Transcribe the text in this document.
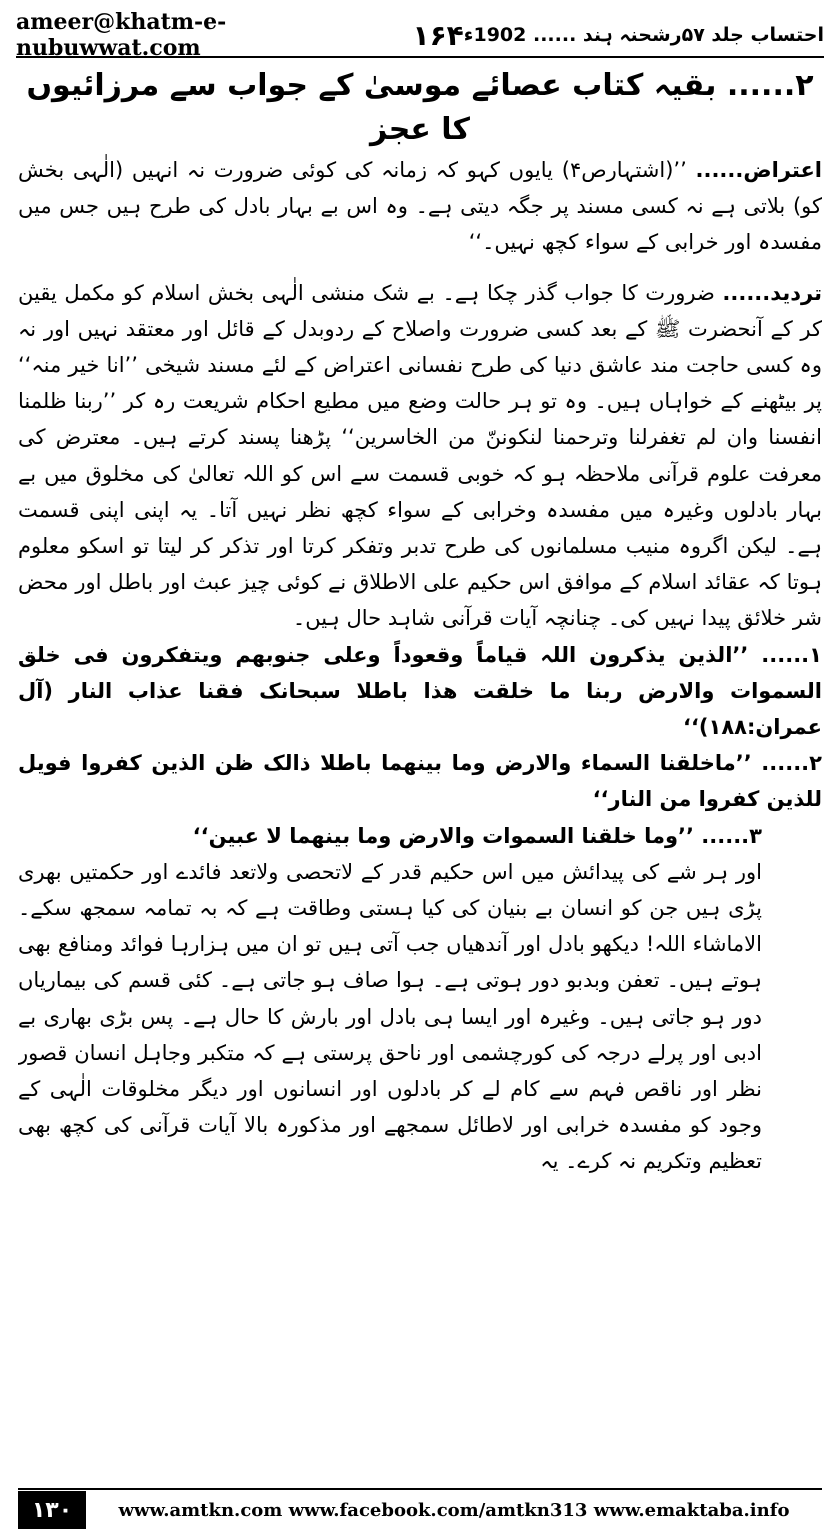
ameer@khatm-e-nubuwwat.com	۱۶۴ احتساب جلد ۵۷رشحنہ ہند ...... 1902ء

۲...... بقیہ کتاب عصائے موسیٰ کے جواب سے مرزائیوں کا عجز

اعتراض...... ’’(اشتہارص۴) یایوں کہو کہ زمانہ کی کوئی ضرورت نہ انہیں (الٰہی بخش کو) بلاتی ہے نہ کسی مسند پر جگہ دیتی ہے۔ وہ اس بے بہار بادل کی طرح ہیں جس میں مفسدہ اور خرابی کے سواء کچھ نہیں۔‘‘

تردید...... ضرورت کا جواب گذر چکا ہے۔ بے شک منشی الٰہی بخش اسلام کو مکمل یقین کر کے آنحضرت ﷺ کے بعد کسی ضرورت واصلاح کے ردوبدل کے قائل اور معتقد نہیں اور نہ وہ کسی حاجت مند عاشق دنیا کی طرح نفسانی اعتراض کے لئے مسند شیخی ’’انا خیر منہ‘‘ پر بیٹھنے کے خواہاں ہیں۔ وہ تو ہر حالت وضع میں مطیع احکام شریعت رہ کر ’’ربنا ظلمنا انفسنا وان لم تغفرلنا وترحمنا لنکوننّ من الخاسرین‘‘ پڑھنا پسند کرتے ہیں۔ معترض کی معرفت علوم قرآنی ملاحظہ ہو کہ خوبی قسمت سے اس کو اللہ تعالیٰ کی مخلوق میں بے بہار بادلوں وغیرہ میں مفسدہ وخرابی کے سواء کچھ نظر نہیں آتا۔ یہ اپنی اپنی قسمت ہے۔ لیکن اگروہ منیب مسلمانوں کی طرح تدبر وتفکر کرتا اور تذکر کر لیتا تو اسکو معلوم ہوتا کہ عقائد اسلام کے موافق اس حکیم علی الاطلاق نے کوئی چیز عبث اور باطل اور محض شر خلائق پیدا نہیں کی۔ چنانچہ آیات قرآنی شاہد حال ہیں۔

۱...... ’’الذین یذکرون اللہ قیاماً وقعوداً وعلی جنوبھم ویتفکرون فی خلق السموات والارض ربنا ما خلقت ھذا باطلا سبحانک فقنا عذاب النار (آل عمران:۱۸۸)‘‘

۲...... ’’ماخلقنا السماء والارض وما بینھما باطلا ذالک ظن الذین کفروا فویل للذین کفروا من النار‘‘

۳...... ’’وما خلقنا السموات والارض وما بینھما لا عبین‘‘

اور ہر شے کی پیدائش میں اس حکیم قدر کے لاتحصی ولاتعد فائدے اور حکمتیں بھری پڑی ہیں جن کو انسان بے بنیان کی کیا ہستی وطاقت ہے کہ بہ تمامہ سمجھ سکے۔ الاماشاء اللہ! دیکھو بادل اور آندھیاں جب آتی ہیں تو ان میں ہزارہا فوائد ومنافع بھی ہوتے ہیں۔ تعفن وبدبو دور ہوتی ہے۔ ہوا صاف ہو جاتی ہے۔ کئی قسم کی بیماریاں دور ہو جاتی ہیں۔ وغیرہ اور ایسا ہی بادل اور بارش کا حال ہے۔ پس بڑی بھاری بے ادبی اور پرلے درجہ کی کورچشمی اور ناحق پرستی ہے کہ متکبر وجاہل انسان قصور نظر اور ناقص فہم سے کام لے کر بادلوں اور انسانوں اور دیگر مخلوقات الٰہی کے وجود کو مفسدہ خرابی اور لاطائل سمجھے اور مذکورہ بالا آیات قرآنی کی کچھ بھی تعظیم وتکریم نہ کرے۔ یہ

۱۳۰	www.amtkn.com www.facebook.com/amtkn313 www.emaktaba.info
